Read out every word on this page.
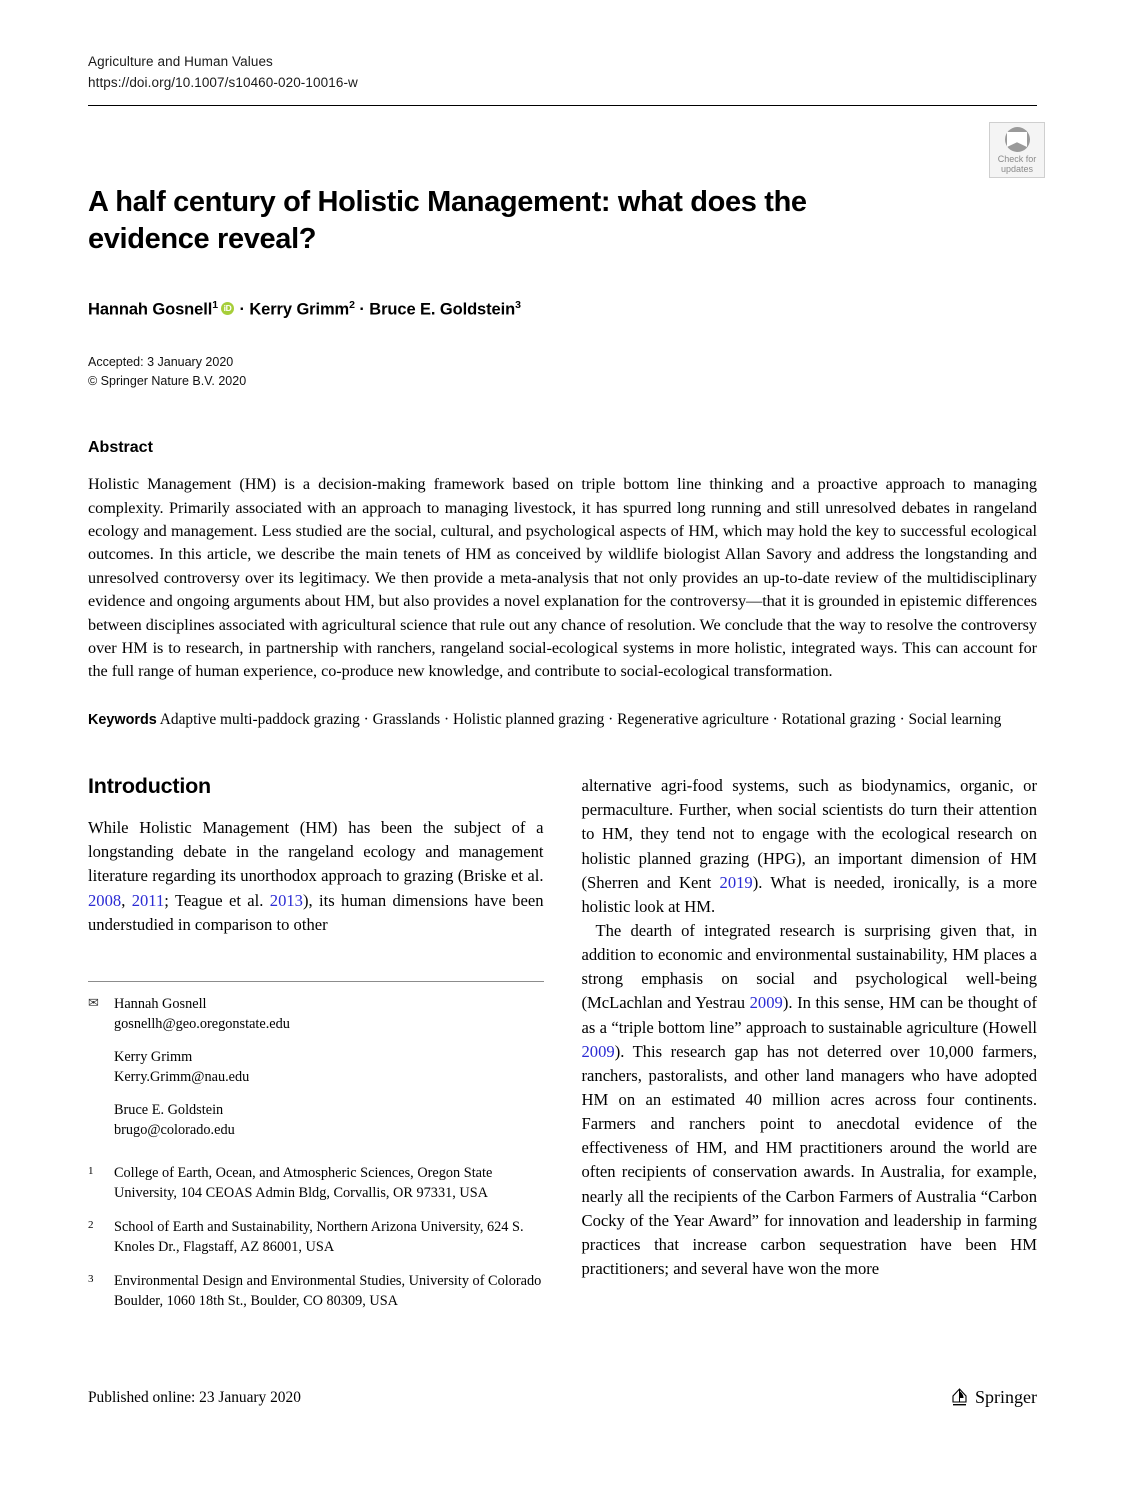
Agriculture and Human Values
https://doi.org/10.1007/s10460-020-10016-w
Check for
updates
A half century of Holistic Management: what does the evidence reveal?
Hannah Gosnell$^1$ iD · Kerry Grimm$^2$ · Bruce E. Goldstein$^3$
Accepted: 3 January 2020
© Springer Nature B.V. 2020
Abstract

Holistic Management (HM) is a decision-making framework based on triple bottom line thinking and a proactive approach to managing complexity. Primarily associated with an approach to managing livestock, it has spurred long running and still unresolved debates in rangeland ecology and management. Less studied are the social, cultural, and psychological aspects of HM, which may hold the key to successful ecological outcomes. In this article, we describe the main tenets of HM as conceived by wildlife biologist Allan Savory and address the longstanding and unresolved controversy over its legitimacy. We then provide a meta-analysis that not only provides an up-to-date review of the multidisciplinary evidence and ongoing arguments about HM, but also provides a novel explanation for the controversy—that it is grounded in epistemic differences between disciplines associated with agricultural science that rule out any chance of resolution. We conclude that the way to resolve the controversy over HM is to research, in partnership with ranchers, rangeland social-ecological systems in more holistic, integrated ways. This can account for the full range of human experience, co-produce new knowledge, and contribute to social-ecological transformation.

Keywords Adaptive multi-paddock grazing · Grasslands · Holistic planned grazing · Regenerative agriculture · Rotational grazing · Social learning

Introduction

While Holistic Management (HM) has been the subject of a longstanding debate in the rangeland ecology and management literature regarding its unorthodox approach to grazing (Briske et al. 2008, 2011; Teague et al. 2013), its human dimensions have been understudied in comparison to other

✉	Hannah Gosnell
gosnellh@geo.oregonstate.edu
Kerry Grimm
Kerry.Grimm@nau.edu
Bruce E. Goldstein
brugo@colorado.edu
1	College of Earth, Ocean, and Atmospheric Sciences, Oregon State University, 104 CEOAS Admin Bldg, Corvallis, OR 97331, USA
2	School of Earth and Sustainability, Northern Arizona University, 624 S. Knoles Dr., Flagstaff, AZ 86001, USA
3	Environmental Design and Environmental Studies, University of Colorado Boulder, 1060 18th St., Boulder, CO 80309, USA

alternative agri-food systems, such as biodynamics, organic, or permaculture. Further, when social scientists do turn their attention to HM, they tend not to engage with the ecological research on holistic planned grazing (HPG), an important dimension of HM (Sherren and Kent 2019). What is needed, ironically, is a more holistic look at HM.

The dearth of integrated research is surprising given that, in addition to economic and environmental sustainability, HM places a strong emphasis on social and psychological well-being (McLachlan and Yestrau 2009). In this sense, HM can be thought of as a “triple bottom line” approach to sustainable agriculture (Howell 2009). This research gap has not deterred over 10,000 farmers, ranchers, pastoralists, and other land managers who have adopted HM on an estimated 40 million acres across four continents. Farmers and ranchers point to anecdotal evidence of the effectiveness of HM, and HM practitioners around the world are often recipients of conservation awards. In Australia, for example, nearly all the recipients of the Carbon Farmers of Australia “Carbon Cocky of the Year Award” for innovation and leadership in farming practices that increase carbon sequestration have been HM practitioners; and several have won the more

Published online: 23 January 2020	Springer
